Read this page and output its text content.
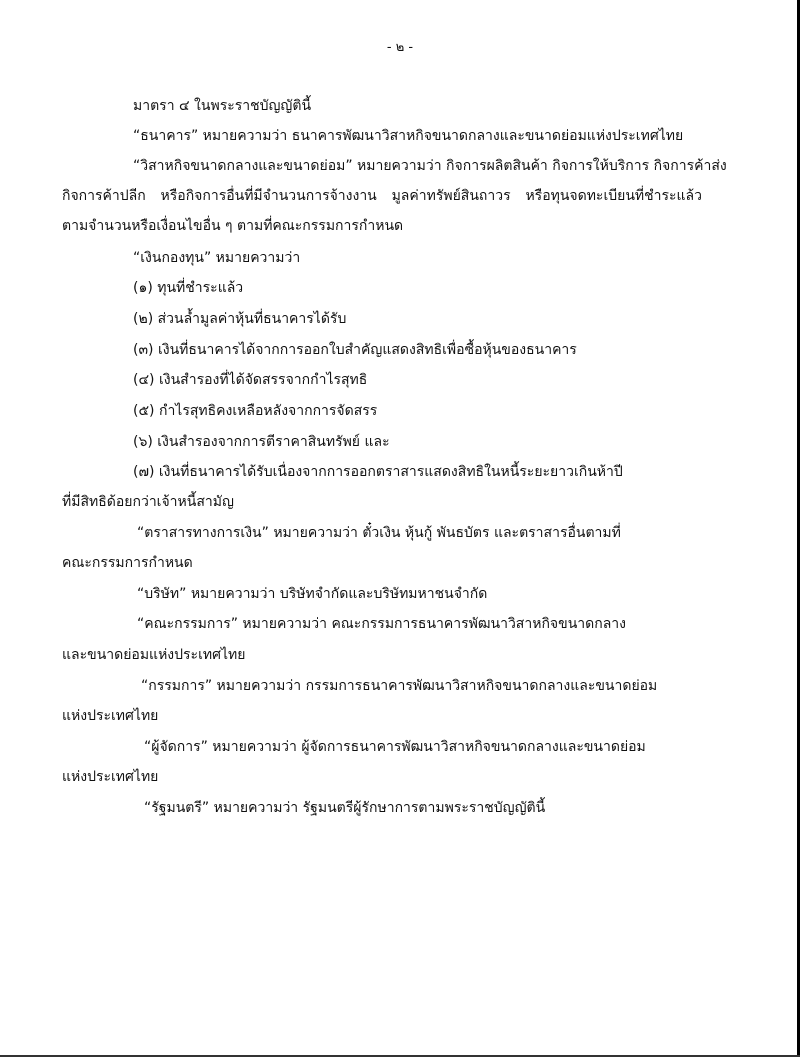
- ๒ -
มาตรา ๔ ในพระราชบัญญัตินี้
“ธนาคาร” หมายความว่า ธนาคารพัฒนาวิสาหกิจขนาดกลางและขนาดย่อมแห่งประเทศไทย
“วิสาหกิจขนาดกลางและขนาดย่อม” หมายความว่า กิจการผลิตสินค้า กิจการให้บริการ กิจการค้าส่ง
กิจการค้าปลีก หรือกิจการอื่นที่มีจำนวนการจ้างงาน มูลค่าทรัพย์สินถาวร หรือทุนจดทะเบียนที่ชำระแล้ว
ตามจำนวนหรือเงื่อนไขอื่น ๆ ตามที่คณะกรรมการกำหนด
“เงินกองทุน” หมายความว่า
(๑) ทุนที่ชำระแล้ว
(๒) ส่วนล้ำมูลค่าหุ้นที่ธนาคารได้รับ
(๓) เงินที่ธนาคารได้จากการออกใบสำคัญแสดงสิทธิเพื่อซื้อหุ้นของธนาคาร
(๔) เงินสำรองที่ได้จัดสรรจากกำไรสุทธิ
(๕) กำไรสุทธิคงเหลือหลังจากการจัดสรร
(๖) เงินสำรองจากการตีราคาสินทรัพย์ และ
(๗) เงินที่ธนาคารได้รับเนื่องจากการออกตราสารแสดงสิทธิในหนี้ระยะยาวเกินห้าปี
ที่มีสิทธิด้อยกว่าเจ้าหนี้สามัญ
“ตราสารทางการเงิน” หมายความว่า ตั๋วเงิน หุ้นกู้ พันธบัตร และตราสารอื่นตามที่
คณะกรรมการกำหนด
“บริษัท” หมายความว่า บริษัทจำกัดและบริษัทมหาชนจำกัด
“คณะกรรมการ” หมายความว่า คณะกรรมการธนาคารพัฒนาวิสาหกิจขนาดกลาง
และขนาดย่อมแห่งประเทศไทย
“กรรมการ” หมายความว่า กรรมการธนาคารพัฒนาวิสาหกิจขนาดกลางและขนาดย่อม
แห่งประเทศไทย
“ผู้จัดการ” หมายความว่า ผู้จัดการธนาคารพัฒนาวิสาหกิจขนาดกลางและขนาดย่อม
แห่งประเทศไทย
“รัฐมนตรี” หมายความว่า รัฐมนตรีผู้รักษาการตามพระราชบัญญัตินี้
